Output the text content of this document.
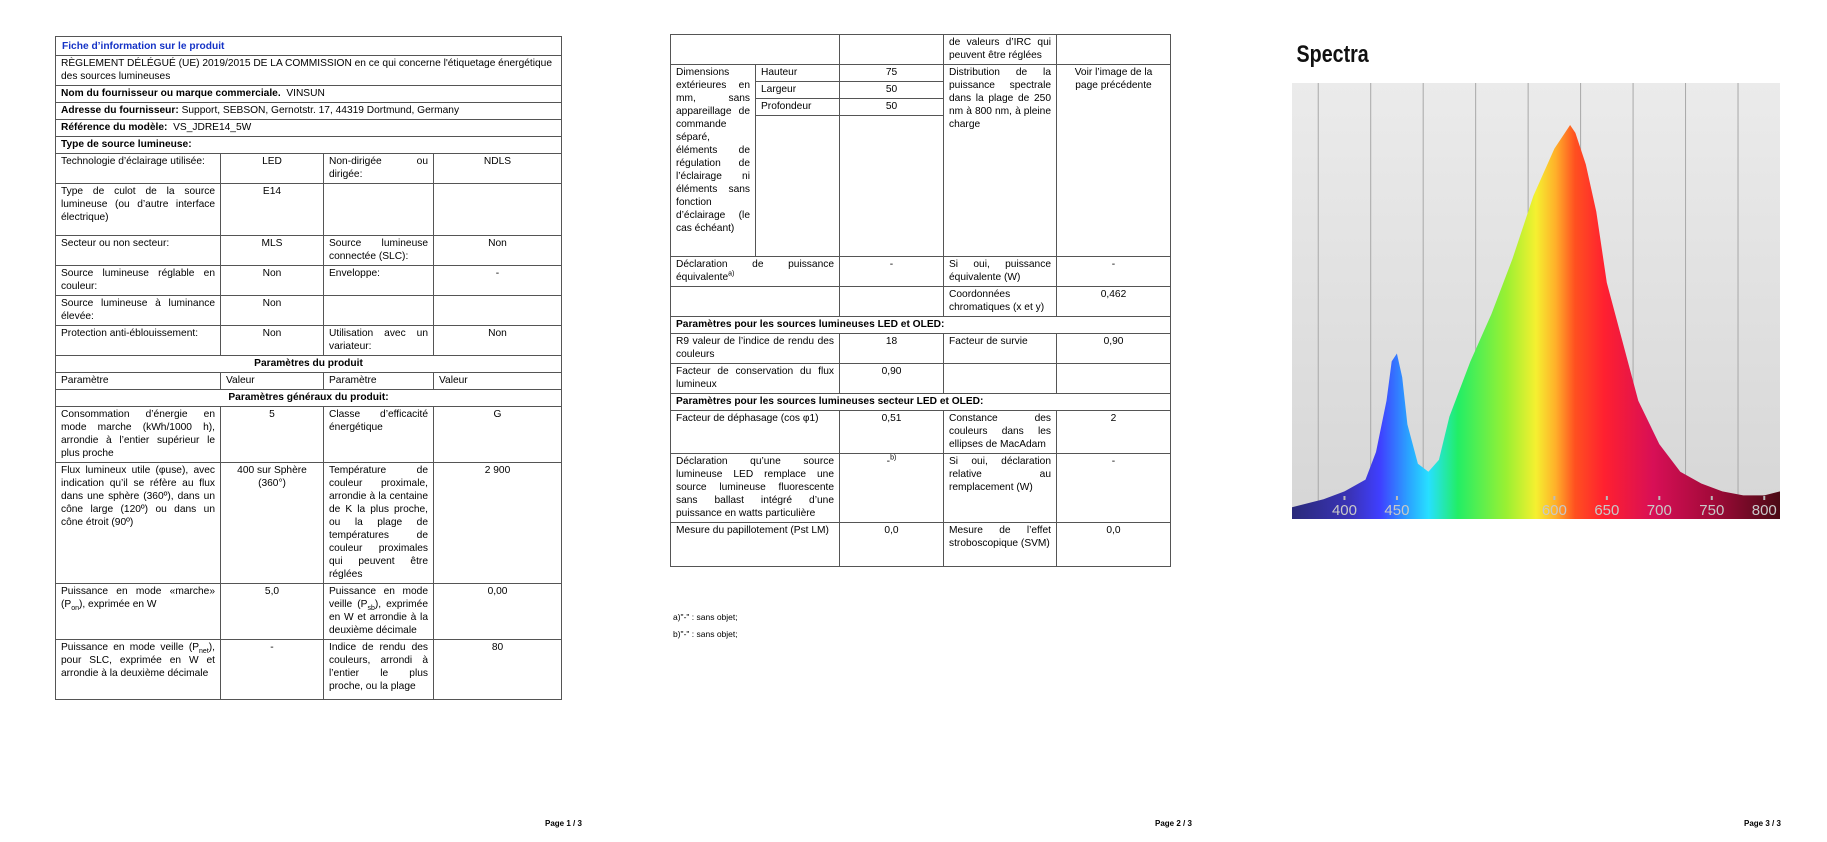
Fiche d’information sur le produit			
RÈGLEMENT DÉLÉGUÉ (UE) 2019/2015 DE LA COMMISSION en ce qui concerne l'étiquetage énergétique des sources lumineuses			
Nom du fournisseur ou marque commerciale. VINSUN			
Adresse du fournisseur: Support, SEBSON, Gernotstr. 17, 44319 Dortmund, Germany			
Référence du modèle: VS_JDRE14_5W			
Type de source lumineuse:			
Technologie d’éclairage utilisée:	LED	Non-dirigée ou dirigée:	NDLS
Type de culot de la source lumineuse (ou d’autre interface électrique)	E14		
Secteur ou non secteur:	MLS	Source lumineuse connectée (SLC):	Non
Source lumineuse réglable en couleur:	Non	Enveloppe:	-
Source lumineuse à luminance élevée:	Non		
Protection anti-éblouissement:	Non	Utilisation avec un variateur:	Non
Paramètres du produit			
Paramètre	Valeur	Paramètre	Valeur
Paramètres généraux du produit:			
Consommation d’énergie en mode marche (kWh/1000 h), arrondie à l’entier supérieur le plus proche	5	Classe d’efficacité énergétique	G
Flux lumineux utile (φuse), avec indication qu’il se réfère au flux dans une sphère (360º), dans un cône large (120º) ou dans un cône étroit (90º)	400 sur Sphère (360°)	Température de couleur proximale, arrondie à la centaine de K la plus proche, ou la plage de températures de couleur proximales qui peuvent être réglées	2 900
Puissance en mode «marche» $(P_{on})$, exprimée en W	5,0	Puissance en mode veille $(P_{sb})$, exprimée en W et arrondie à la deuxième décimale	0,00
Puissance en mode veille $(P_{net})$, pour SLC, exprimée en W et arrondie à la deuxième décimale	-	Indice de rendu des couleurs, arrondi à l’entier le plus proche, ou la plage	80
Page 1 / 3
			de valeurs d’IRC qui peuvent être réglées	
Dimensions extérieures en mm, sans appareillage de commande séparé, éléments de régulation de l’éclairage ni éléments sans fonction d’éclairage (le cas échéant)	Hauteur	75	Distribution de la puissance spectrale dans la plage de 250 nm à 800 nm, à pleine charge	Voir l’image de la page précédente
	Largeur	50		
	Profondeur	50		

Déclaration de puissance équivalente$^{a)}$		-	Si oui, puissance équivalente (W)	-
			Coordonnées chromatiques (x et y)	0,462
Paramètres pour les sources lumineuses LED et OLED:				
R9 valeur de l’indice de rendu des couleurs		18	Facteur de survie	0,90
Facteur de conservation du flux lumineux		0,90		
Paramètres pour les sources lumineuses secteur LED et OLED:				
Facteur de déphasage (cos φ1)		0,51	Constance des couleurs dans les ellipses de MacAdam	2
Déclaration qu’une source lumineuse LED remplace une source lumineuse fluorescente sans ballast intégré d’une puissance en watts particulière		-$^{b)}$	Si oui, déclaration relative au remplacement (W)	-
Mesure du papillotement (Pst LM)		0,0	Mesure de l’effet stroboscopique (SVM)	0,0
a)"-" : sans objet;
b)"-" : sans objet;
Page 2 / 3	Page 3 / 3
Spectra
400 450	600 650 700 750 800
